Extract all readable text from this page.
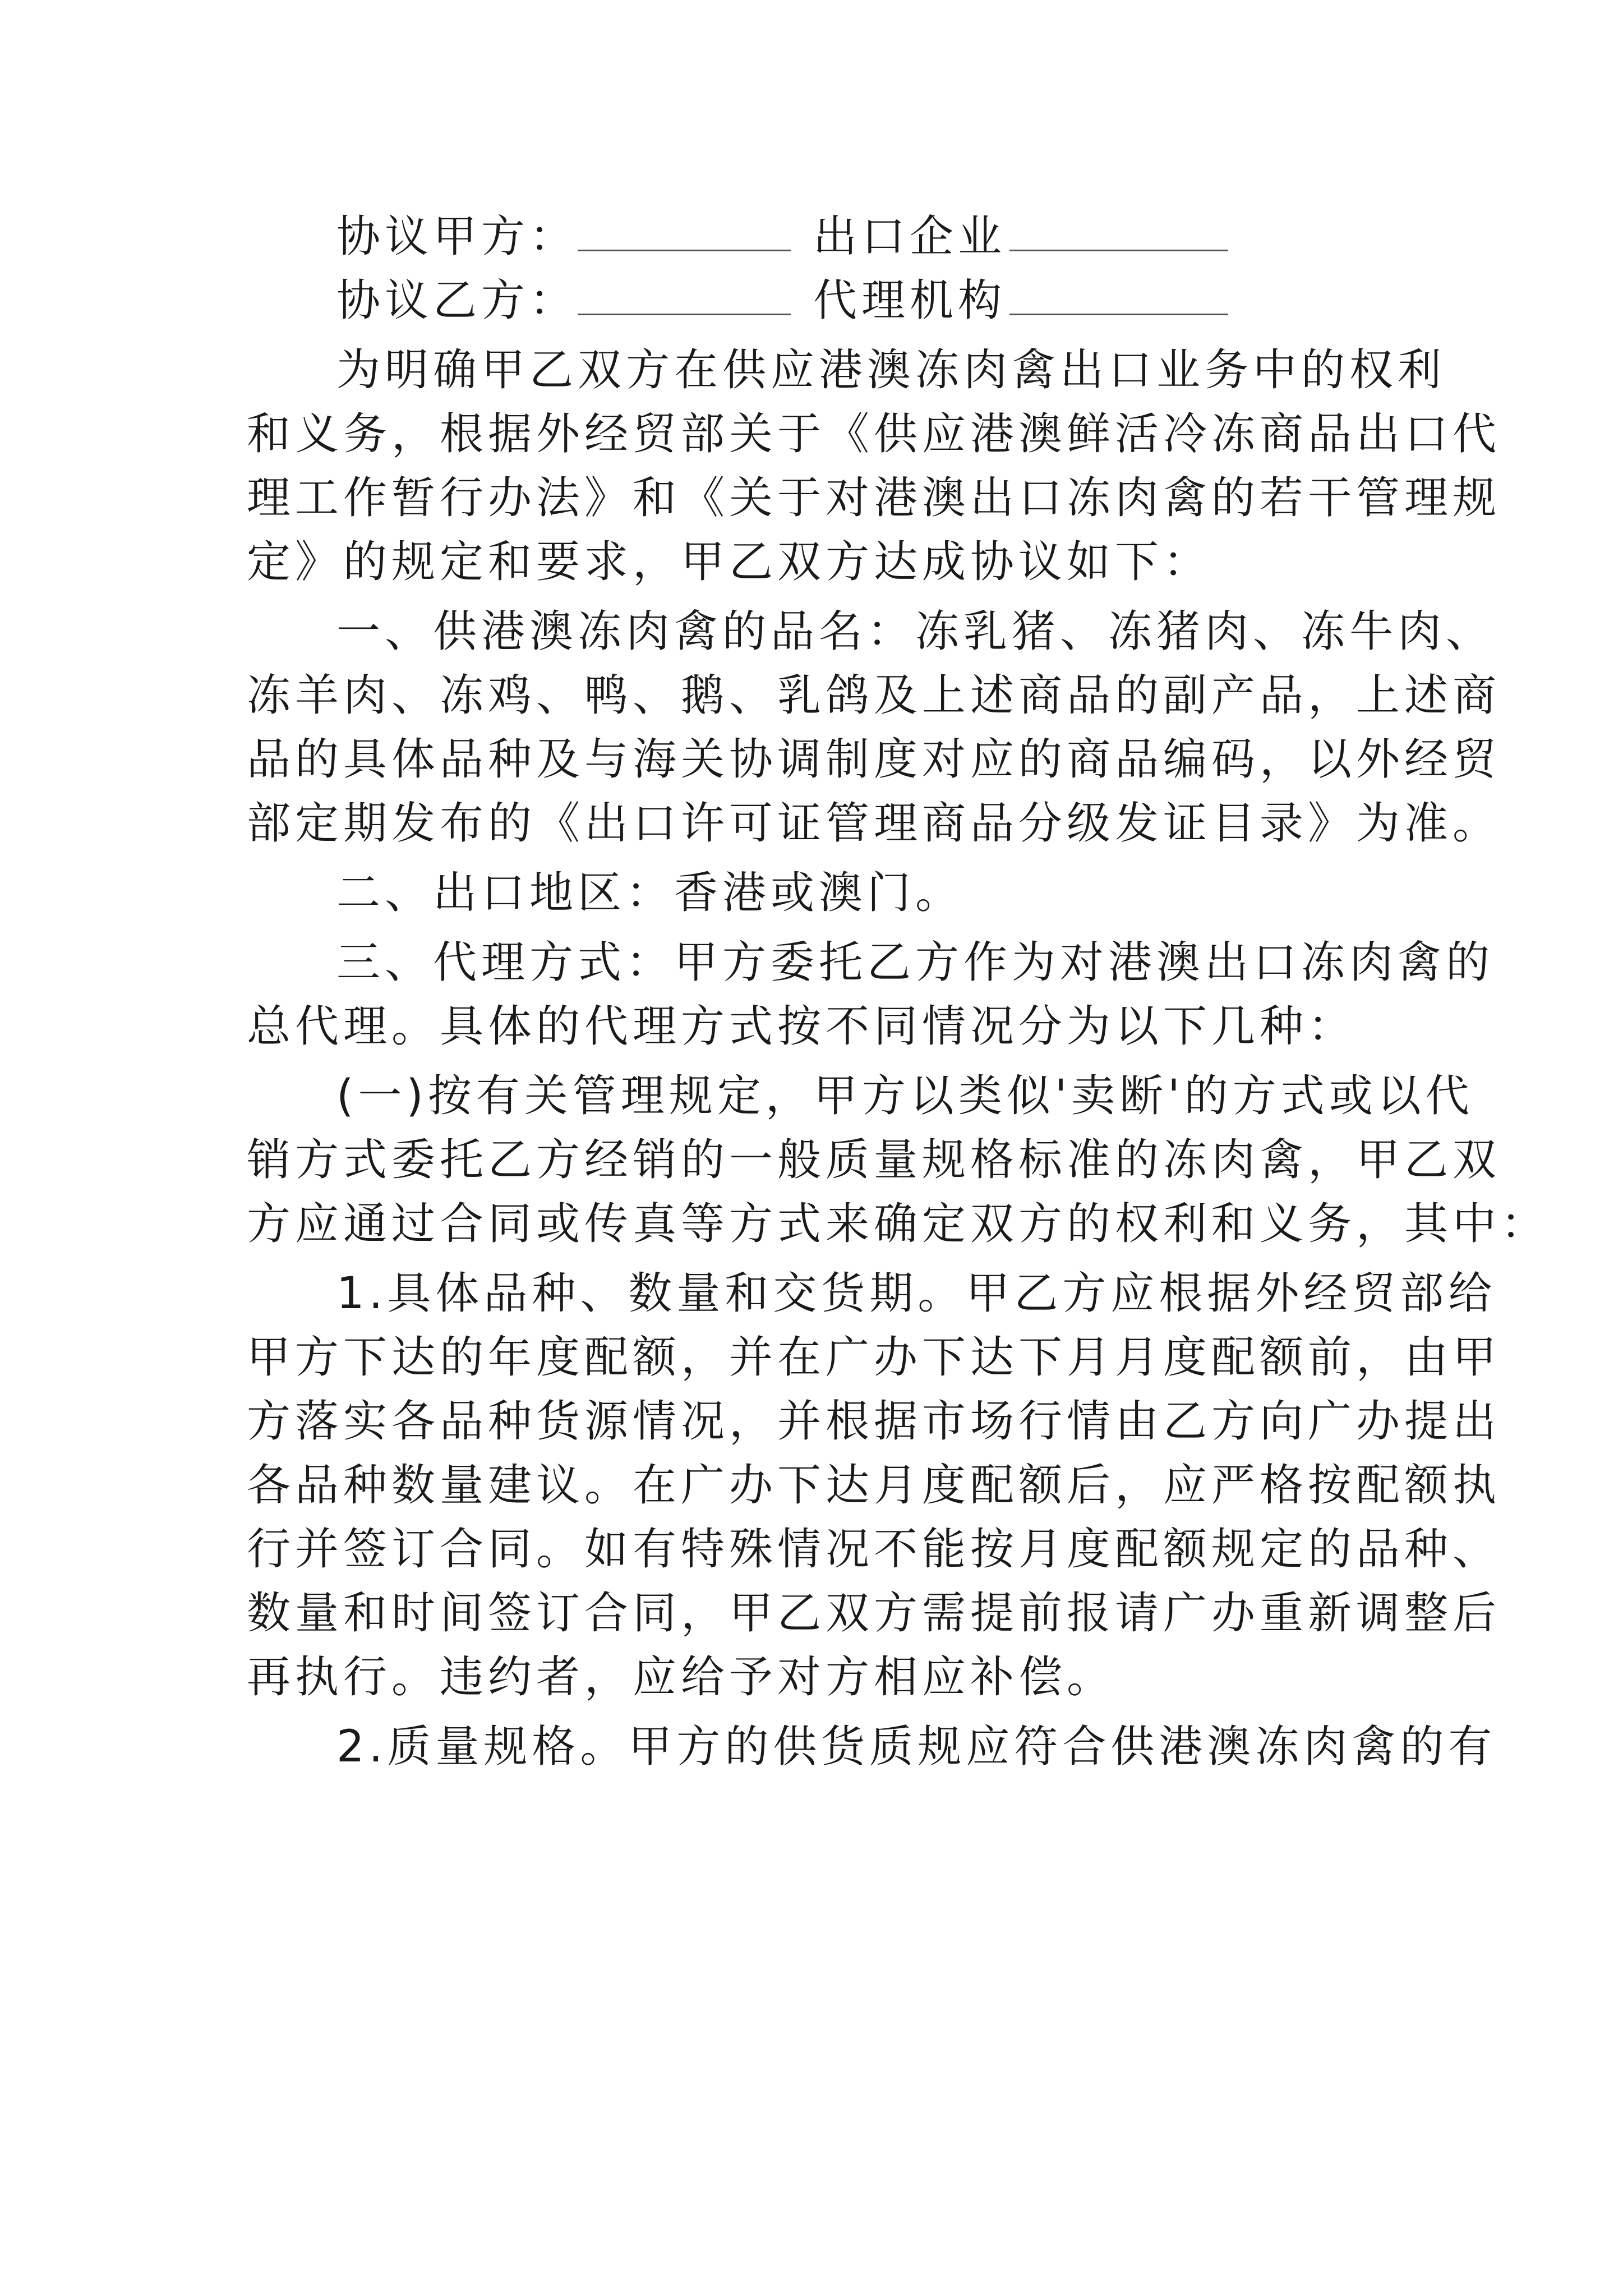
协议甲方：	出口企业
协议乙方：	代理机构
为明确甲乙双方在供应港澳冻肉禽出口业务中的权利
和义务，根据外经贸部关于《供应港澳鲜活冷冻商品出口代
理工作暂行办法》和《关于对港澳出口冻肉禽的若干管理规
定》的规定和要求，甲乙双方达成协议如下：
一、供港澳冻肉禽的品名：冻乳猪、冻猪肉、冻牛肉、
冻羊肉、冻鸡、鸭、鹅、乳鸽及上述商品的副产品，上述商
品的具体品种及与海关协调制度对应的商品编码，以外经贸
部定期发布的《出口许可证管理商品分级发证目录》为准。
二、出口地区：香港或澳门。
三、代理方式：甲方委托乙方作为对港澳出口冻肉禽的
总代理。具体的代理方式按不同情况分为以下几种：
(一)按有关管理规定，甲方以类似'卖断'的方式或以代
销方式委托乙方经销的一般质量规格标准的冻肉禽，甲乙双
方应通过合同或传真等方式来确定双方的权利和义务，其中：
1.具体品种、数量和交货期。甲乙方应根据外经贸部给
甲方下达的年度配额，并在广办下达下月月度配额前，由甲
方落实各品种货源情况，并根据市场行情由乙方向广办提出
各品种数量建议。在广办下达月度配额后，应严格按配额执
行并签订合同。如有特殊情况不能按月度配额规定的品种、
数量和时间签订合同，甲乙双方需提前报请广办重新调整后
再执行。违约者，应给予对方相应补偿。
2.质量规格。甲方的供货质规应符合供港澳冻肉禽的有
